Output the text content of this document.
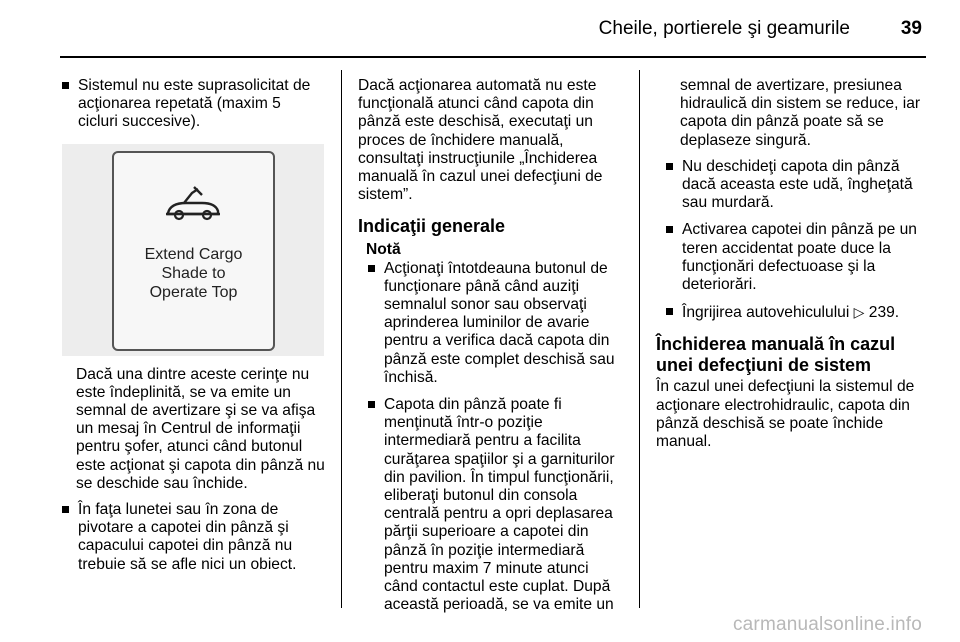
Cheile, portierele şi geamurile	39
Sistemul nu este suprasolicitat de
acţionarea repetată (maxim 5
cicluri succesive).
Extend Cargo
Shade to
Operate Top
Dacă una dintre aceste cerinţe nu
este îndeplinită, se va emite un
semnal de avertizare şi se va afişa
un mesaj în Centrul de informaţii
pentru şofer, atunci când butonul
este acţionat şi capota din pânză nu
se deschide sau închide.
În faţa lunetei sau în zona de
pivotare a capotei din pânză şi
capacului capotei din pânză nu
trebuie să se afle nici un obiect.
Dacă acţionarea automată nu este
funcţională atunci când capota din
pânză este deschisă, executaţi un
proces de închidere manuală,
consultaţi instrucţiunile „Închiderea
manuală în cazul unei defecţiuni de
sistem”.
Indicaţii generale
Notă
Acţionaţi întotdeauna butonul de
funcţionare până când auziţi
semnalul sonor sau observaţi
aprinderea luminilor de avarie
pentru a verifica dacă capota din
pânză este complet deschisă sau
închisă.
Capota din pânză poate fi
menţinută într-o poziţie
intermediară pentru a facilita
curăţarea spaţiilor şi a garniturilor
din pavilion. În timpul funcţionării,
eliberaţi butonul din consola
centrală pentru a opri deplasarea
părţii superioare a capotei din
pânză în poziţie intermediară
pentru maxim 7 minute atunci
când contactul este cuplat. După
această perioadă, se va emite un
semnal de avertizare, presiunea
hidraulică din sistem se reduce, iar
capota din pânză poate să se
deplaseze singură.
Nu deschideţi capota din pânză
dacă aceasta este udă, îngheţată
sau murdară.
Activarea capotei din pânză pe un
teren accidentat poate duce la
funcţionări defectuoase şi la
deteriorări.
Îngrijirea autovehiculului ▷ 239.
Închiderea manuală în cazul
unei defecţiuni de sistem
În cazul unei defecţiuni la sistemul de
acţionare electrohidraulic, capota din
pânză deschisă se poate închide
manual.
carmanualsonline.info
